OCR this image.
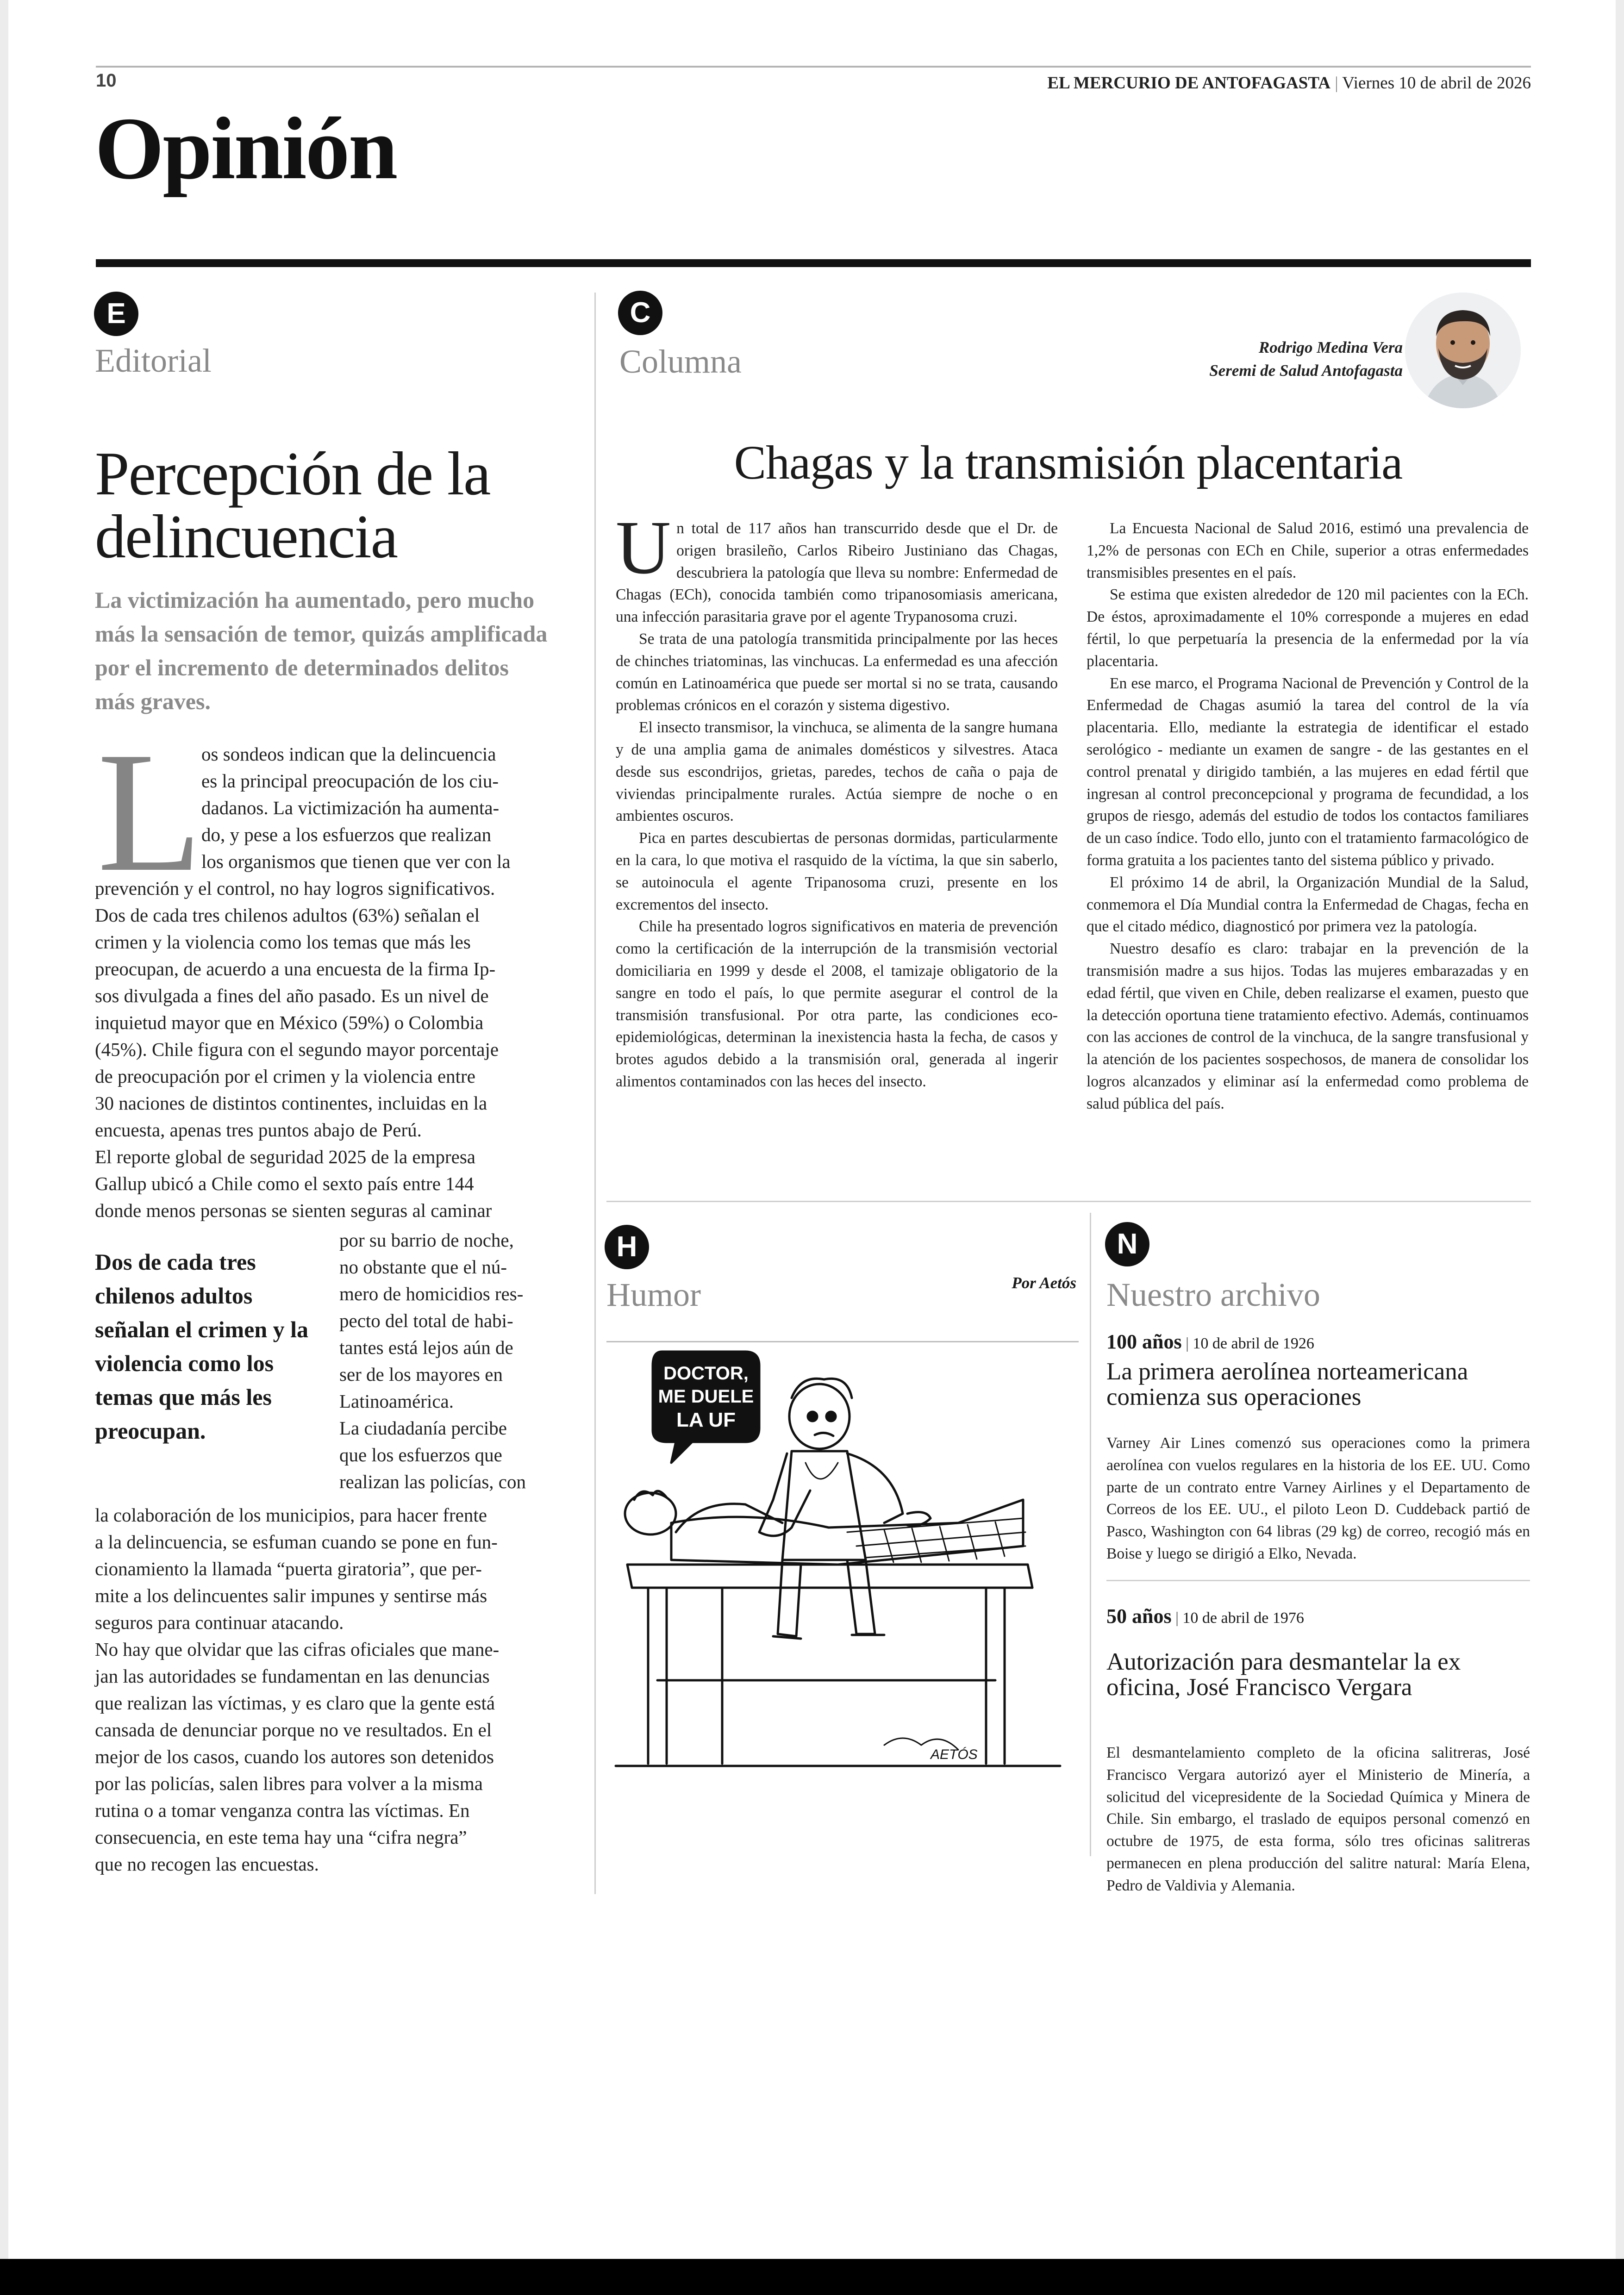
10	EL MERCURIO DE ANTOFAGASTA | Viernes 10 de abril de 2026
Opinión
E
Editorial
Percepción de la delincuencia
La victimización ha aumentado, pero mucho más la sensación de temor, quizás amplificada por el incremento de determinados delitos más graves.
os sondeos indican que la delincuencia
es la principal preocupación de los ciu-
dadanos. La victimización ha aumenta-
do, y pese a los esfuerzos que realizan
los organismos que tienen que ver con la
prevención y el control, no hay logros significativos.
Dos de cada tres chilenos adultos (63%) señalan el
crimen y la violencia como los temas que más les
preocupan, de acuerdo a una encuesta de la firma Ip-
sos divulgada a fines del año pasado. Es un nivel de
inquietud mayor que en México (59%) o Colombia
(45%). Chile figura con el segundo mayor porcentaje
de preocupación por el crimen y la violencia entre
30 naciones de distintos continentes, incluidas en la
encuesta, apenas tres puntos abajo de Perú.
El reporte global de seguridad 2025 de la empresa
Gallup ubicó a Chile como el sexto país entre 144
donde menos personas se sienten seguras al caminar
Dos de cada tres chilenos adultos señalan el crimen y la violencia como los temas que más les preocupan.
por su barrio de noche,
no obstante que el nú-
mero de homicidios res-
pecto del total de habi-
tantes está lejos aún de
ser de los mayores en
Latinoamérica.
La ciudadanía percibe
que los esfuerzos que
realizan las policías, con
la colaboración de los municipios, para hacer frente
a la delincuencia, se esfuman cuando se pone en fun-
cionamiento la llamada “puerta giratoria”, que per-
mite a los delincuentes salir impunes y sentirse más
seguros para continuar atacando.
No hay que olvidar que las cifras oficiales que mane-
jan las autoridades se fundamentan en las denuncias
que realizan las víctimas, y es claro que la gente está
cansada de denunciar porque no ve resultados. En el
mejor de los casos, cuando los autores son detenidos
por las policías, salen libres para volver a la misma
rutina o a tomar venganza contra las víctimas. En
consecuencia, en este tema hay una “cifra negra”
que no recogen las encuestas.
L
C
Columna	Rodrigo Medina Vera
Seremi de Salud Antofagasta
Chagas y la transmisión placentaria

Un total de 117 años han transcurrido desde que el Dr. de origen brasileño, Carlos Ribeiro Justiniano das Chagas, descubriera la patología que lleva su nombre: Enfermedad de Chagas (ECh), conocida también como tripanosomiasis americana, una infección parasitaria grave por el agente Trypanosoma cruzi.

Se trata de una patología transmitida principalmente por las heces de chinches triatominas, las vinchucas. La enfermedad es una afección común en Latinoamérica que puede ser mortal si no se trata, causando problemas crónicos en el corazón y sistema digestivo.

El insecto transmisor, la vinchuca, se alimenta de la sangre humana y de una amplia gama de animales domésticos y silvestres. Ataca desde sus escondrijos, grietas, paredes, techos de caña o paja de viviendas principalmente rurales. Actúa siempre de noche o en ambientes oscuros.

Pica en partes descubiertas de personas dormidas, particularmente en la cara, lo que motiva el rasquido de la víctima, la que sin saberlo, se autoinocula el agente Tripanosoma cruzi, presente en los excrementos del insecto.

Chile ha presentado logros significativos en materia de prevención como la certificación de la interrupción de la transmisión vectorial domiciliaria en 1999 y desde el 2008, el tamizaje obligatorio de la sangre en todo el país, lo que permite asegurar el control de la transmisión transfusional. Por otra parte, las condiciones eco-epidemiológicas, determinan la inexistencia hasta la fecha, de casos y brotes agudos debido a la transmisión oral, generada al ingerir alimentos contaminados con las heces del insecto.

La Encuesta Nacional de Salud 2016, estimó una prevalencia de 1,2% de personas con ECh en Chile, superior a otras enfermedades transmisibles presentes en el país.

Se estima que existen alrededor de 120 mil pacientes con la ECh. De éstos, aproximadamente el 10% corresponde a mujeres en edad fértil, lo que perpetuaría la presencia de la enfermedad por la vía placentaria.

En ese marco, el Programa Nacional de Prevención y Control de la Enfermedad de Chagas asumió la tarea del control de la vía placentaria. Ello, mediante la estrategia de identificar el estado serológico - mediante un examen de sangre - de las gestantes en el control prenatal y dirigido también, a las mujeres en edad fértil que ingresan al control preconcepcional y programa de fecundidad, a los grupos de riesgo, además del estudio de todos los contactos familiares de un caso índice. Todo ello, junto con el tratamiento farmacológico de forma gratuita a los pacientes tanto del sistema público y privado.

El próximo 14 de abril, la Organización Mundial de la Salud, conmemora el Día Mundial contra la Enfermedad de Chagas, fecha en que el citado médico, diagnosticó por primera vez la patología.

Nuestro desafío es claro: trabajar en la prevención de la transmisión madre a sus hijos. Todas las mujeres embarazadas y en edad fértil, que viven en Chile, deben realizarse el examen, puesto que la detección oportuna tiene tratamiento efectivo. Además, continuamos con las acciones de control de la vinchuca, de la sangre transfusional y la atención de los pacientes sospechosos, de manera de consolidar los logros alcanzados y eliminar así la enfermedad como problema de salud pública del país.

H
Humor	Por Aetós
DOCTOR,
ME DUELE
LA UF
AETÓS
N
Nuestro archivo
100 años | 10 de abril de 1926
La primera aerolínea norteamericana comienza sus operaciones

Varney Air Lines comenzó sus operaciones como la primera aerolínea con vuelos regulares en la historia de los EE. UU. Como parte de un contrato entre Varney Airlines y el Departamento de Correos de los EE. UU., el piloto Leon D. Cuddeback partió de Pasco, Washington con 64 libras (29 kg) de correo, recogió más en Boise y luego se dirigió a Elko, Nevada.

50 años | 10 de abril de 1976
Autorización para desmantelar la ex oficina, José Francisco Vergara

El desmantelamiento completo de la oficina salitreras, José Francisco Vergara autorizó ayer el Ministerio de Minería, a solicitud del vicepresidente de la Sociedad Química y Minera de Chile. Sin embargo, el traslado de equipos personal comenzó en octubre de 1975, de esta forma, sólo tres oficinas salitreras permanecen en plena producción del salitre natural: María Elena, Pedro de Valdivia y Alemania.
